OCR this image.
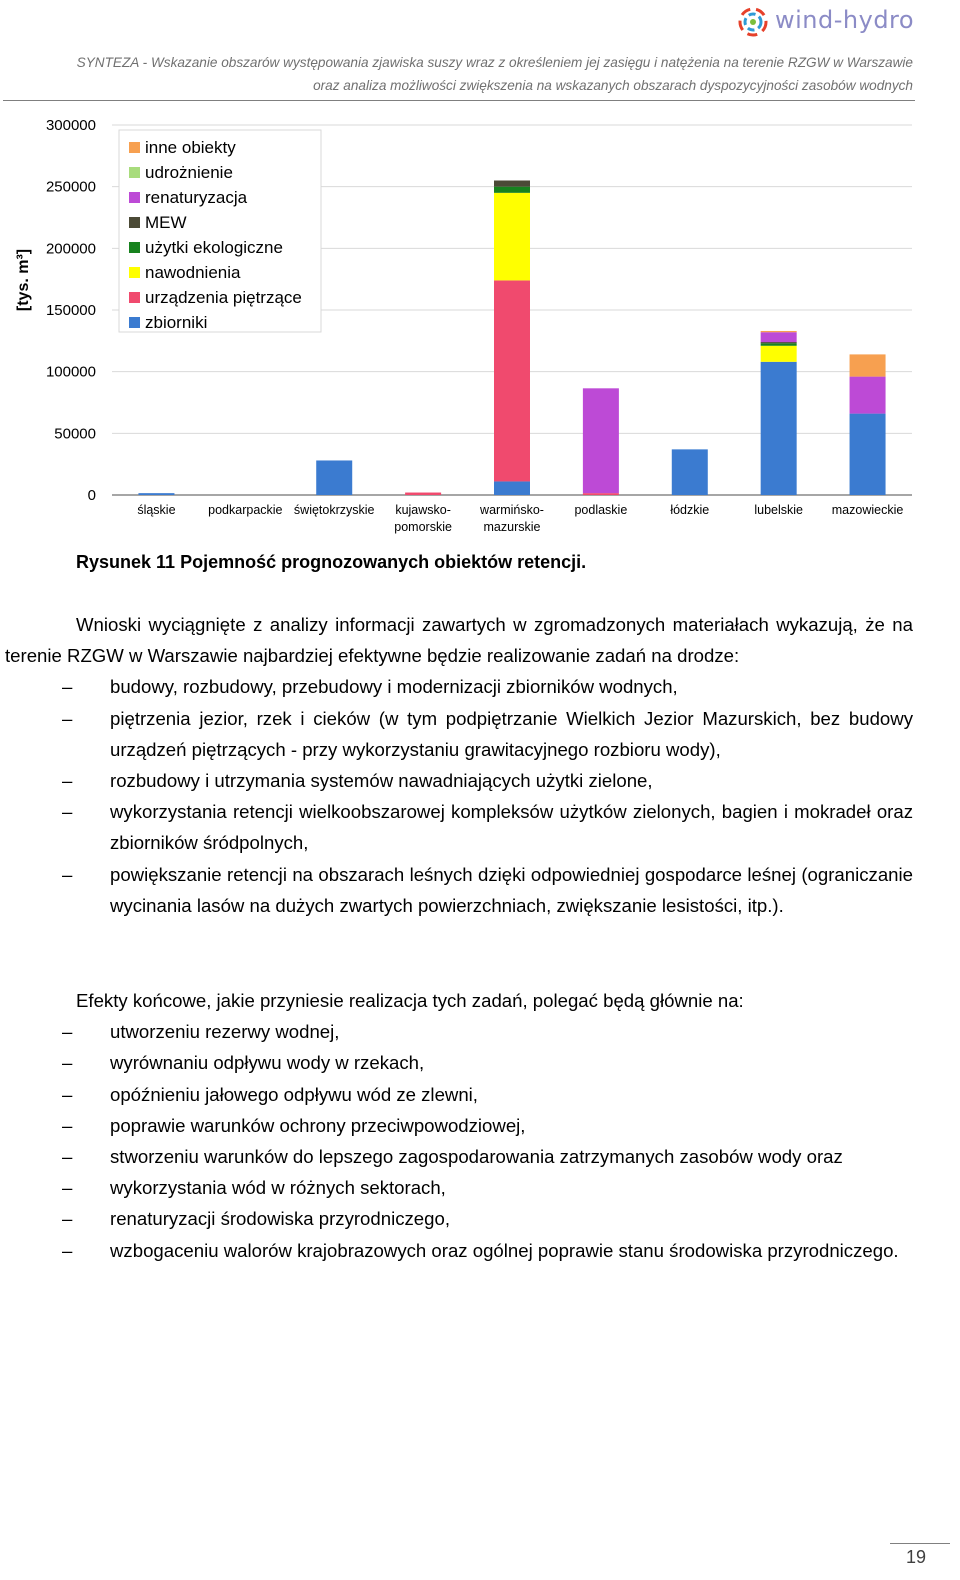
wind-hydro
SYNTEZA - Wskazanie obszarów występowania zjawiska suszy wraz z określeniem jej zasięgu i natężenia na terenie RZGW w Warszawie
oraz analiza możliwości zwiększenia na wskazanych obszarach dyspozycyjności zasobów wodnych
0
50000
100000
150000
200000
250000
300000
[tys. m³]
śląskie	podkarpackie świętokrzyskie kujawsko-
pomorskie
warmińsko-
mazurskie
podlaskie	łódzkie	lubelskie mazowieckie
inne obiekty
udrożnienie
renaturyzacja
MEW
użytki ekologiczne
nawodnienia
urządzenia piętrzące
zbiorniki
Rysunek 11 Pojemność prognozowanych obiektów retencji.

Wnioski wyciągnięte z analizy informacji zawartych w zgromadzonych materiałach wykazują, że na terenie RZGW w Warszawie najbardziej efektywne będzie realizowanie zadań na drodze:

– budowy, rozbudowy, przebudowy i modernizacji zbiorników wodnych,
– piętrzenia jezior, rzek i cieków (w tym podpiętrzanie Wielkich Jezior Mazurskich, bez budowy urządzeń piętrzących - przy wykorzystaniu grawitacyjnego rozbioru wody),
– rozbudowy i utrzymania systemów nawadniających użytki zielone,
– wykorzystania retencji wielkoobszarowej kompleksów użytków zielonych, bagien i mokradeł oraz zbiorników śródpolnych,
– powiększanie retencji na obszarach leśnych dzięki odpowiedniej gospodarce leśnej (ograniczanie wycinania lasów na dużych zwartych powierzchniach, zwiększanie lesistości, itp.).

Efekty końcowe, jakie przyniesie realizacja tych zadań, polegać będą głównie na:

– utworzeniu rezerwy wodnej,
– wyrównaniu odpływu wody w rzekach,
– opóźnieniu jałowego odpływu wód ze zlewni,
– poprawie warunków ochrony przeciwpowodziowej,
– stworzeniu warunków do lepszego zagospodarowania zatrzymanych zasobów wody oraz
– wykorzystania wód w różnych sektorach,
– renaturyzacji środowiska przyrodniczego,
– wzbogaceniu walorów krajobrazowych oraz ogólnej poprawie stanu środowiska przyrodniczego.
19
